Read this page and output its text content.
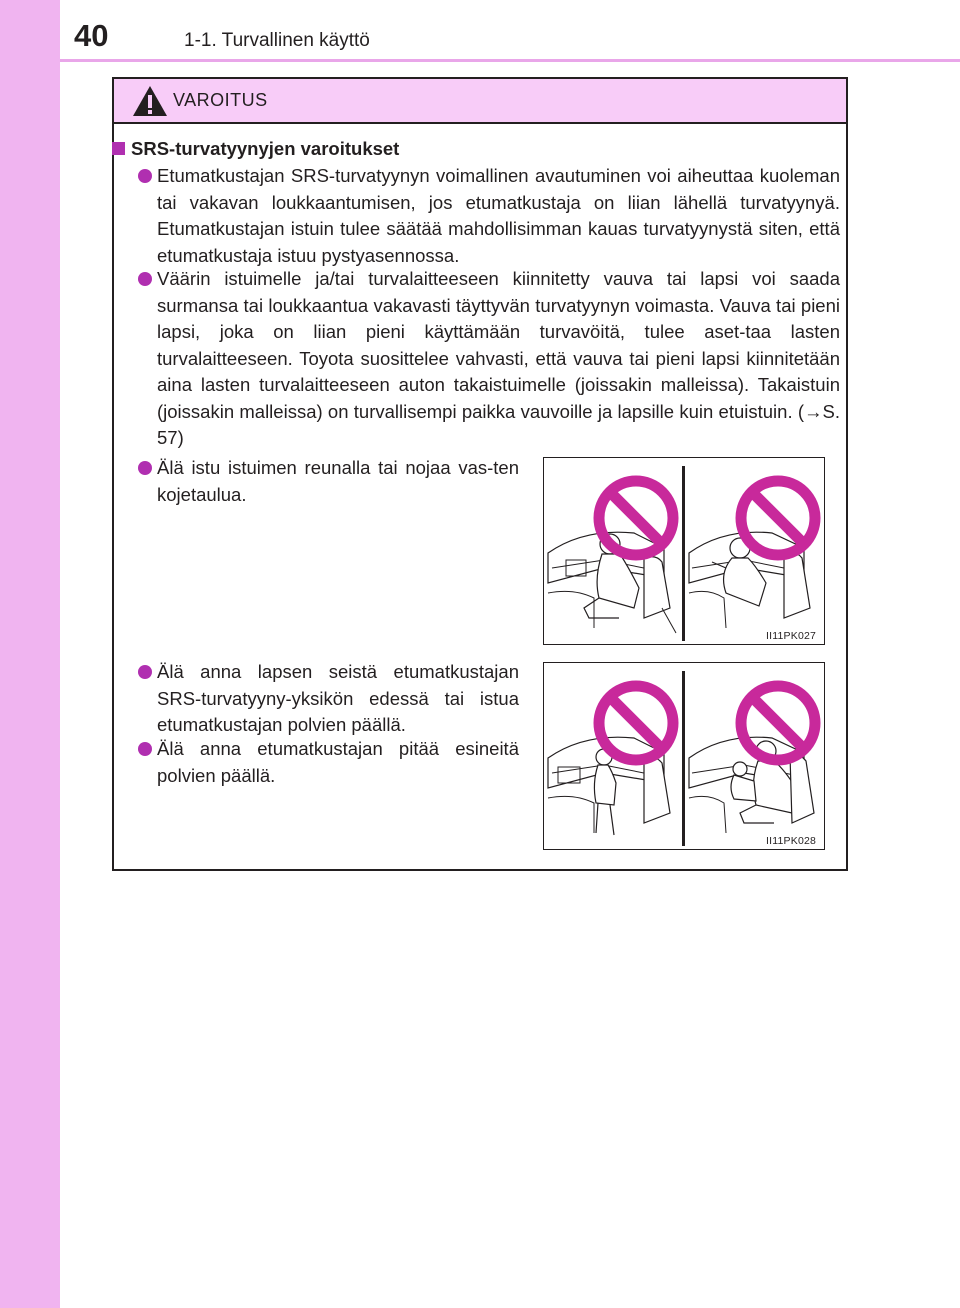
40	1-1. Turvallinen käyttö
VAROITUS
SRS-turvatyynyjen varoitukset
Etumatkustajan SRS-turvatyynyn voimallinen avautuminen voi aiheuttaa kuoleman tai vakavan loukkaantumisen, jos etumatkustaja on liian lähellä turvatyynyä. Etumatkustajan istuin tulee säätää mahdollisimman kauas turvatyynystä siten, että etumatkustaja istuu pystyasennossa.
Väärin istuimelle ja/tai turvalaitteeseen kiinnitetty vauva tai lapsi voi saada surmansa tai loukkaantua vakavasti täyttyvän turvatyynyn voimasta. Vauva tai pieni lapsi, joka on liian pieni käyttämään turvavöitä, tulee aset-taa lasten turvalaitteeseen. Toyota suosittelee vahvasti, että vauva tai pieni lapsi kiinnitetään aina lasten turvalaitteeseen auton takaistuimelle (joissakin malleissa). Takaistuin (joissakin malleissa) on turvallisempi paikka vauvoille ja lapsille kuin etuistuin. (→S. 57)
Älä istu istuimen reunalla tai nojaa vas-ten kojetaulua.
Älä anna lapsen seistä etumatkustajan SRS-turvatyyny-yksikön edessä tai istua etumatkustajan polvien päällä.
Älä anna etumatkustajan pitää esineitä polvien päällä.
II11PK027
II11PK028
